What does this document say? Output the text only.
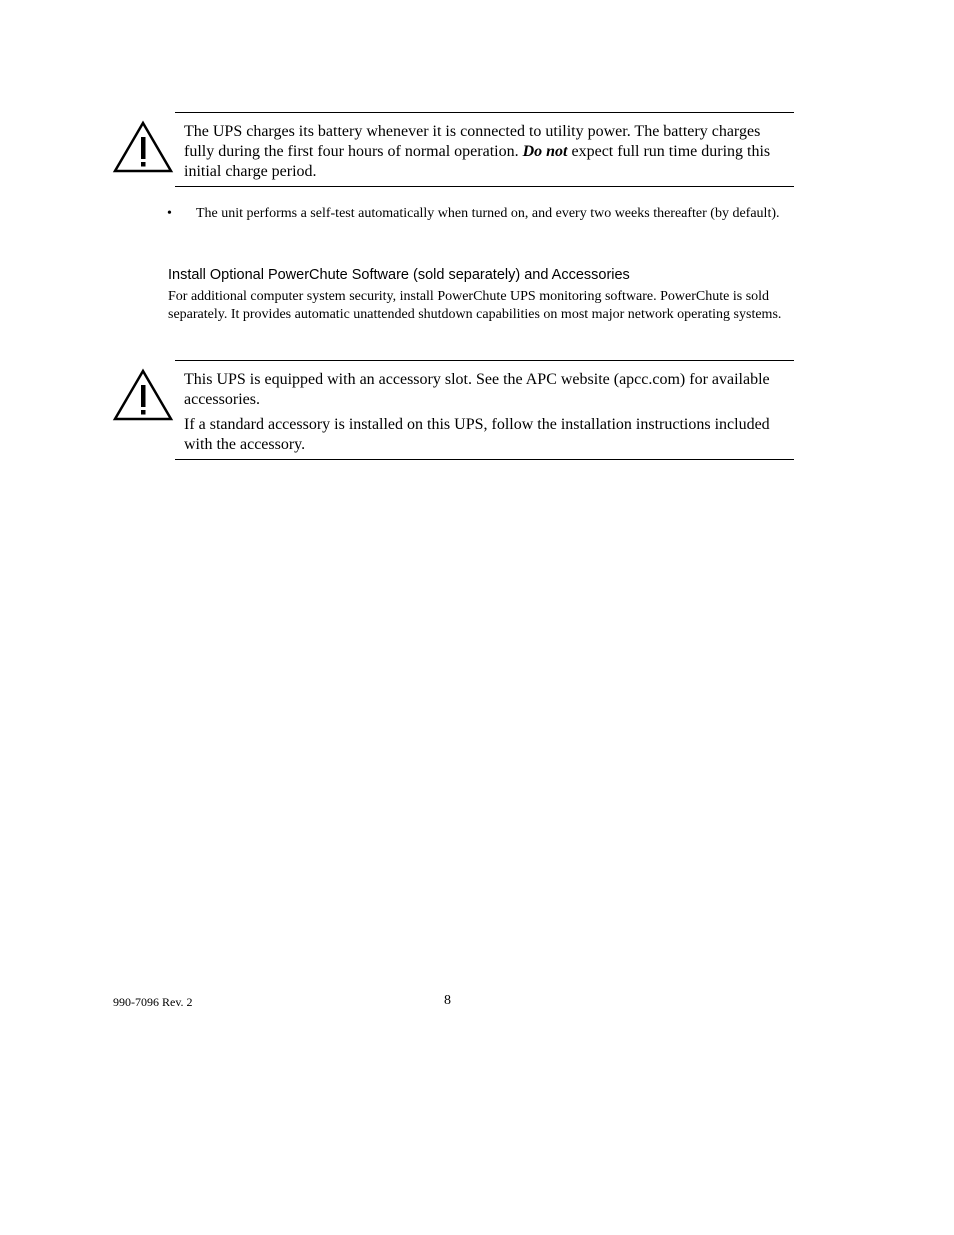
The UPS charges its battery whenever it is connected to utility power. The battery charges fully during the first four hours of normal operation. Do not expect full run time during this initial charge period.

• The unit performs a self-test automatically when turned on, and every two weeks thereafter (by default).
Install Optional PowerChute Software (sold separately) and Accessories
For additional computer system security, install PowerChute UPS monitoring software. PowerChute is sold separately. It provides automatic unattended shutdown capabilities on most major network operating systems.

This UPS is equipped with an accessory slot. See the APC website (apcc.com) for available accessories.

If a standard accessory is installed on this UPS, follow the installation instructions included with the accessory.

990-7096 Rev. 2	8
